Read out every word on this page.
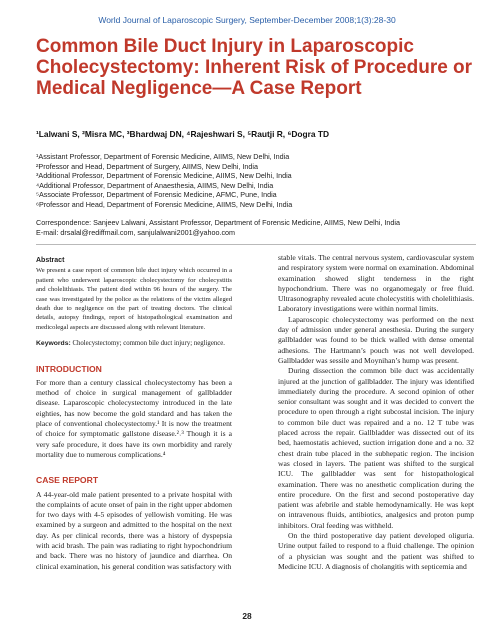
World Journal of Laparoscopic Surgery, September-December 2008;1(3):28-30
Common Bile Duct Injury in Laparoscopic
Cholecystectomy: Inherent Risk of Procedure or
Medical Negligence—A Case Report
¹Lalwani S, ²Misra MC, ³Bhardwaj DN, ⁴Rajeshwari S, ⁵Rautji R, ⁶Dogra TD
¹Assistant Professor, Department of Forensic Medicine, AIIMS, New Delhi, India
²Professor and Head, Department of Surgery, AIIMS, New Delhi, India
³Additional Professor, Department of Forensic Medicine, AIIMS, New Delhi, India
⁴Additional Professor, Department of Anaesthesia, AIIMS, New Delhi, India
⁵Associate Professor, Department of Forensic Medicine, AFMC, Pune, India
⁶Professor and Head, Department of Forensic Medicine, AIIMS, New Delhi, India
Correspondence: Sanjeev Lalwani, Assistant Professor, Department of Forensic Medicine, AIIMS, New Delhi, India
E-mail: drsalal@rediffmail.com, sanjulalwani2001@yahoo.com

Abstract

We present a case report of common bile duct injury which occurred in a patient who underwent laparoscopic cholecystectomy for cholecystitis and cholelithiasis. The patient died within 96 hours of the surgery. The case was investigated by the police as the relations of the victim alleged death due to negligence on the part of treating doctors. The clinical details, autopsy findings, report of histopathological examination and medicolegal aspects are discussed along with relevant literature.

Keywords: Cholecystectomy; common bile duct injury; negligence.

INTRODUCTION

For more than a century classical cholecystectomy has been a method of choice in surgical management of gallbladder disease. Laparoscopic cholecystectomy introduced in the late eighties, has now become the gold standard and has taken the place of conventional cholecystectomy.¹ It is now the treatment of choice for symptomatic gallstone disease.²˒³ Though it is a very safe procedure, it does have its own morbidity and rarely mortality due to numerous complications.⁴

CASE REPORT

A 44-year-old male patient presented to a private hospital with the complaints of acute onset of pain in the right upper abdomen for two days with 4-5 episodes of yellowish vomiting. He was examined by a surgeon and admitted to the hospital on the next day. As per clinical records, there was a history of dyspepsia with acid brash. The pain was radiating to right hypochondrium and back. There was no history of jaundice and diarrhea. On clinical examination, his general condition was satisfactory with

stable vitals. The central nervous system, cardiovascular system and respiratory system were normal on examination. Abdominal examination showed slight tenderness in the right hypochondrium. There was no organomegaly or free fluid. Ultrasonography revealed acute cholecystitis with cholelithiasis. Laboratory investigations were within normal limits.

Laparoscopic cholecystectomy was performed on the next day of admission under general anesthesia. During the surgery gallbladder was found to be thick walled with dense omental adhesions. The Hartmann’s pouch was not well developed. Gallbladder was sessile and Moynihan’s hump was present.

During dissection the common bile duct was accidentally injured at the junction of gallbladder. The injury was identified immediately during the procedure. A second opinion of other senior consultant was sought and it was decided to convert the procedure to open through a right subcostal incision. The injury to common bile duct was repaired and a no. 12 T tube was placed across the repair. Gallbladder was dissected out of its bed, haemostatis achieved, suction irrigation done and a no. 32 chest drain tube placed in the subhepatic region. The incision was closed in layers. The patient was shifted to the surgical ICU. The gallbladder was sent for histopathological examination. There was no anesthetic complication during the entire procedure. On the first and second postoperative day patient was afebrile and stable hemodynamically. He was kept on intravenous fluids, antibiotics, analgesics and proton pump inhibitors. Oral feeding was withheld.

On the third postoperative day patient developed oliguria. Urine output failed to respond to a fluid challenge. The opinion of a physician was sought and the patient was shifted to Medicine ICU. A diagnosis of cholangitis with septicemia and

28
